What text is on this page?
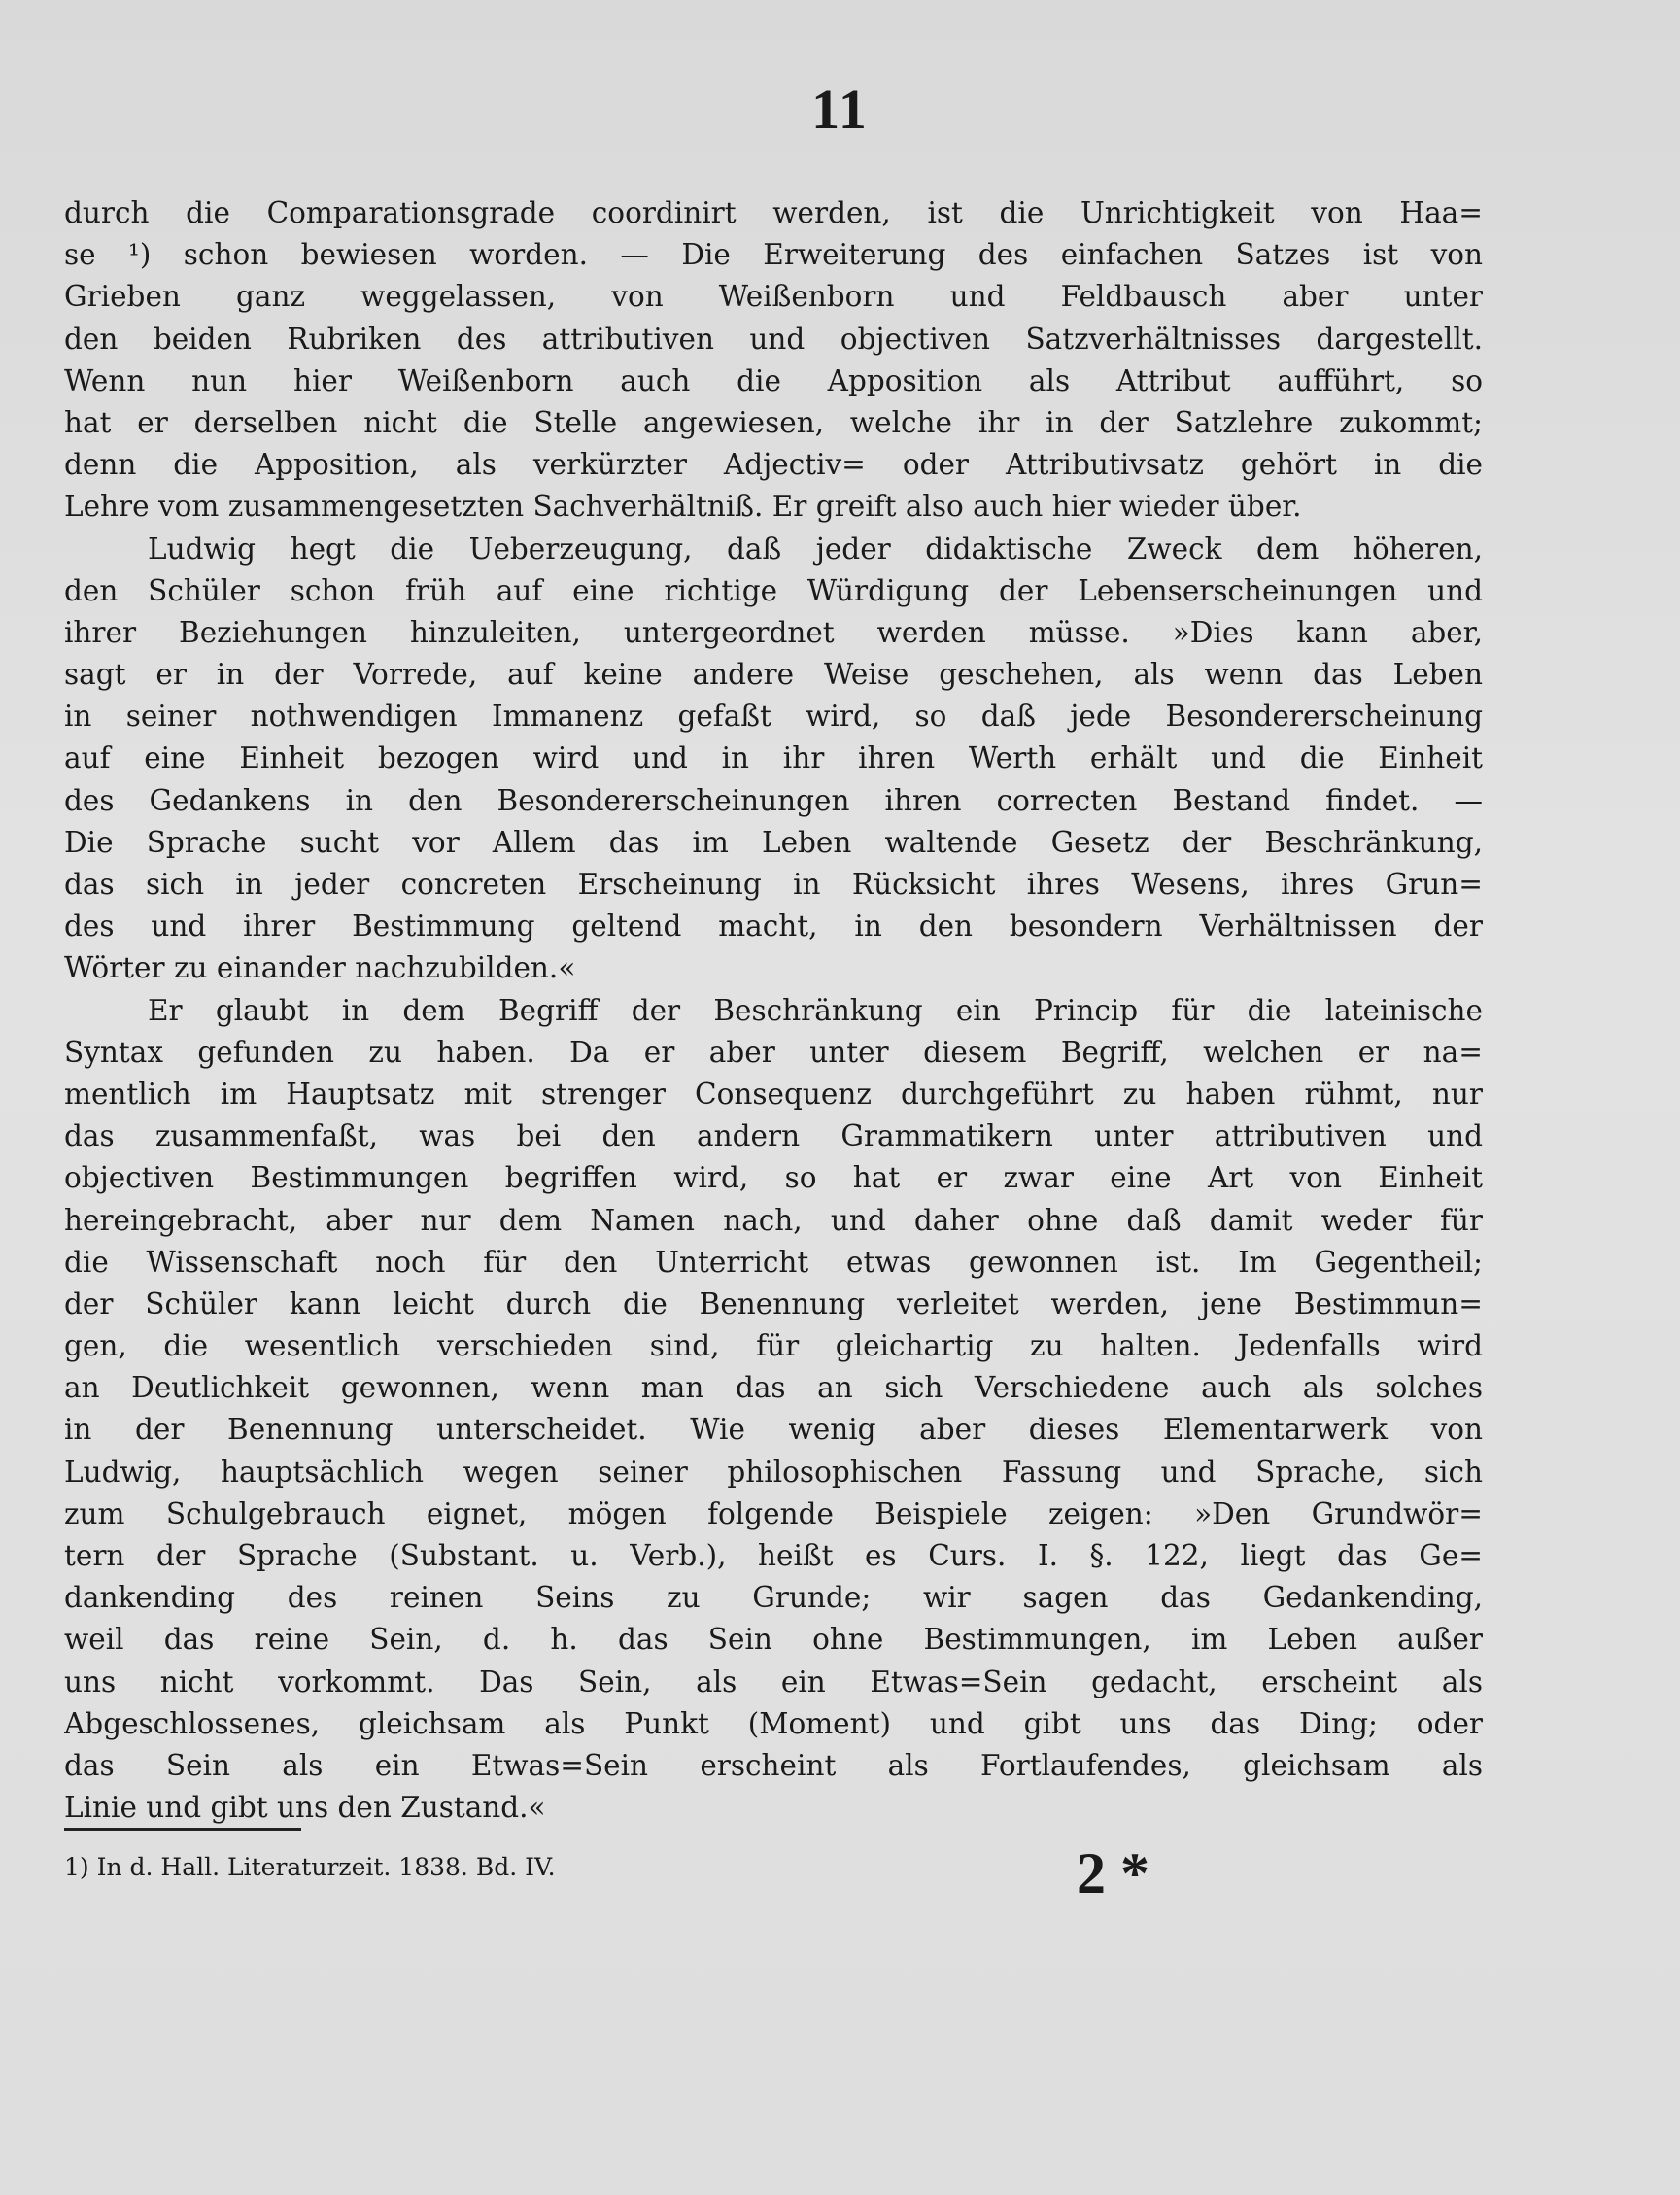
11
durch die Comparationsgrade coordinirt werden, ist die Unrichtigkeit von Haa=
se ¹) schon bewiesen worden. — Die Erweiterung des einfachen Satzes ist von
Grieben ganz weggelassen, von Weißenborn und Feldbausch aber unter
den beiden Rubriken des attributiven und objectiven Satzverhältnisses dargestellt.
Wenn nun hier Weißenborn auch die Apposition als Attribut aufführt, so
hat er derselben nicht die Stelle angewiesen, welche ihr in der Satzlehre zukommt;
denn die Apposition, als verkürzter Adjectiv= oder Attributivsatz gehört in die
Lehre vom zusammengesetzten Sachverhältniß. Er greift also auch hier wieder über.
Ludwig hegt die Ueberzeugung, daß jeder didaktische Zweck dem höheren,
den Schüler schon früh auf eine richtige Würdigung der Lebenserscheinungen und
ihrer Beziehungen hinzuleiten, untergeordnet werden müsse. »Dies kann aber,
sagt er in der Vorrede, auf keine andere Weise geschehen, als wenn das Leben
in seiner nothwendigen Immanenz gefaßt wird, so daß jede Besondererscheinung
auf eine Einheit bezogen wird und in ihr ihren Werth erhält und die Einheit
des Gedankens in den Besondererscheinungen ihren correcten Bestand findet. —
Die Sprache sucht vor Allem das im Leben waltende Gesetz der Beschränkung,
das sich in jeder concreten Erscheinung in Rücksicht ihres Wesens, ihres Grun=
des und ihrer Bestimmung geltend macht, in den besondern Verhältnissen der
Wörter zu einander nachzubilden.«
Er glaubt in dem Begriff der Beschränkung ein Princip für die lateinische
Syntax gefunden zu haben. Da er aber unter diesem Begriff, welchen er na=
mentlich im Hauptsatz mit strenger Consequenz durchgeführt zu haben rühmt, nur
das zusammenfaßt, was bei den andern Grammatikern unter attributiven und
objectiven Bestimmungen begriffen wird, so hat er zwar eine Art von Einheit
hereingebracht, aber nur dem Namen nach, und daher ohne daß damit weder für
die Wissenschaft noch für den Unterricht etwas gewonnen ist. Im Gegentheil;
der Schüler kann leicht durch die Benennung verleitet werden, jene Bestimmun=
gen, die wesentlich verschieden sind, für gleichartig zu halten. Jedenfalls wird
an Deutlichkeit gewonnen, wenn man das an sich Verschiedene auch als solches
in der Benennung unterscheidet. Wie wenig aber dieses Elementarwerk von
Ludwig, hauptsächlich wegen seiner philosophischen Fassung und Sprache, sich
zum Schulgebrauch eignet, mögen folgende Beispiele zeigen: »Den Grundwör=
tern der Sprache (Substant. u. Verb.), heißt es Curs. I. §. 122, liegt das Ge=
dankending des reinen Seins zu Grunde; wir sagen das Gedankending,
weil das reine Sein, d. h. das Sein ohne Bestimmungen, im Leben außer
uns nicht vorkommt. Das Sein, als ein Etwas=Sein gedacht, erscheint als
Abgeschlossenes, gleichsam als Punkt (Moment) und gibt uns das Ding; oder
das Sein als ein Etwas=Sein erscheint als Fortlaufendes, gleichsam als
Linie und gibt uns den Zustand.«
1) In d. Hall. Literaturzeit. 1838. Bd. IV.	2 *
